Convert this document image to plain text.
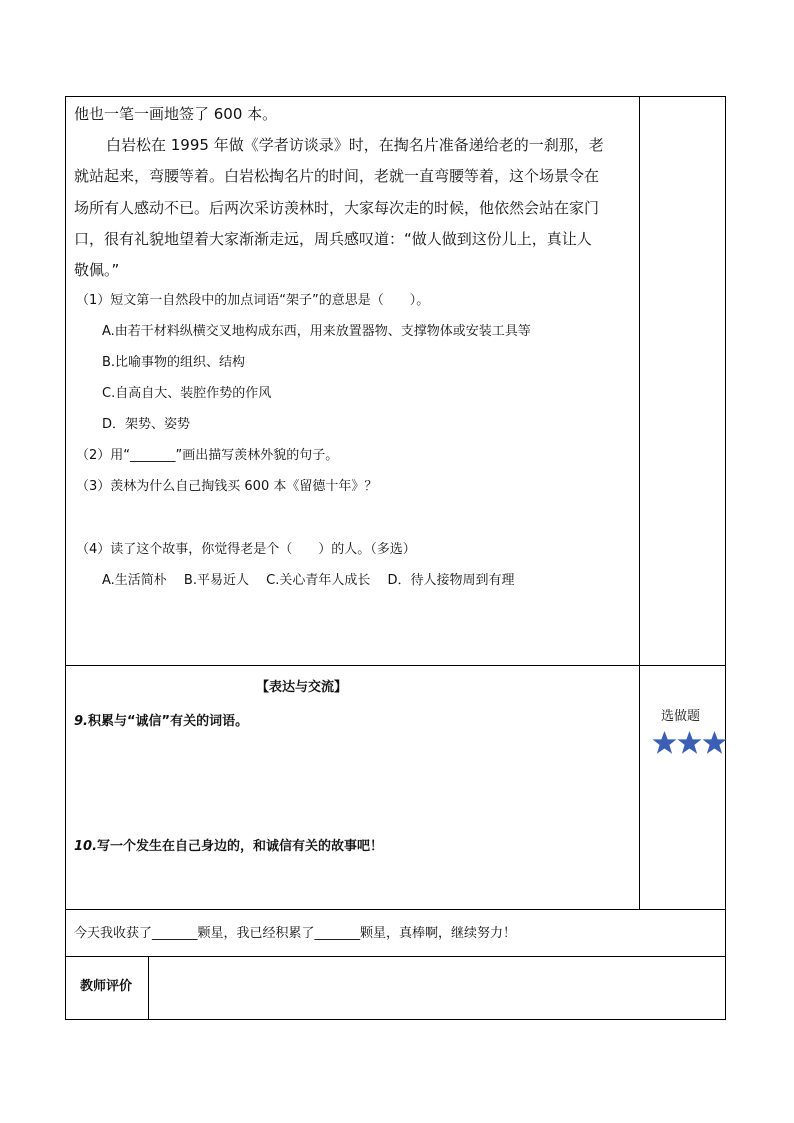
他也一笔一画地签了 600 本。
白岩松在 1995 年做《学者访谈录》时，在掏名片准备递给老的一刹那，老
就站起来，弯腰等着。白岩松掏名片的时间，老就一直弯腰等着，这个场景令在
场所有人感动不已。后两次采访羡林时，大家每次走的时候，他依然会站在家门
口，很有礼貌地望着大家渐渐走远，周兵感叹道：“做人做到这份儿上，真让人
敬佩。”
（1）短文第一自然段中的加点词语“架子”的意思是（　　）。
A.由若干材料纵横交叉地构成东西，用来放置器物、支撑物体或安装工具等
B.比喻事物的组织、结构
C.自高自大、装腔作势的作风
D．架势、姿势
（2）用“_______”画出描写羡林外貌的句子。
（3）羡林为什么自己掏钱买 600 本《留德十年》？
（4）读了这个故事，你觉得老是个（　　）的人。（多选）
A.生活简朴　 B.平易近人　 C.关心青年人成长　 D．待人接物周到有理
【表达与交流】
9.积累与“诚信”有关的词语。
10.写一个发生在自己身边的，和诚信有关的故事吧！
选做题
今天我收获了_______颗星，我已经积累了_______颗星，真棒啊，继续努力！
教师评价
